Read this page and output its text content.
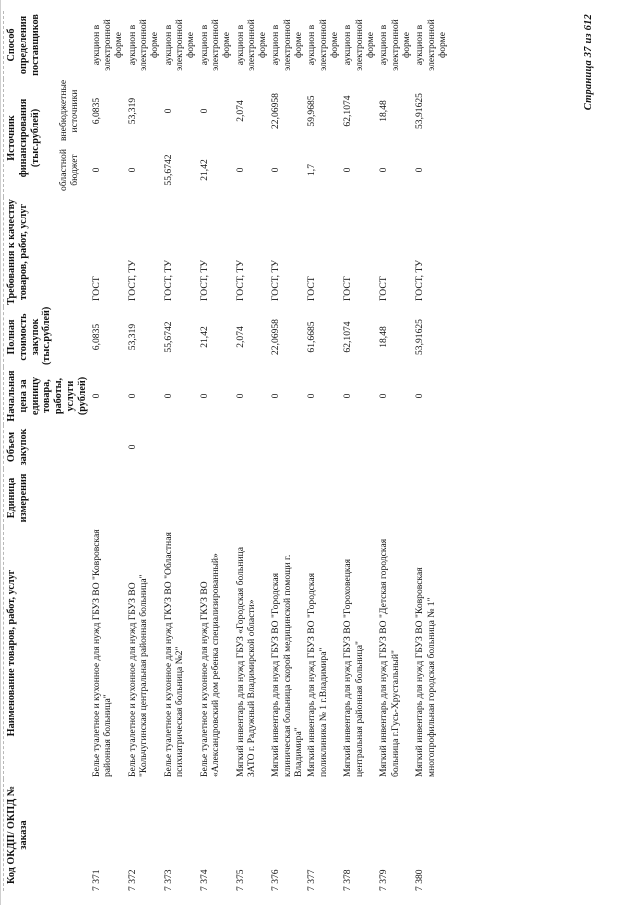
Код ОКДП/ ОКПД № заказа	Наименование товаров, работ, услуг	Единица измерения	Объем закупок	Начальная цена за единицу товара, работы, услуги (рублей)	Полная стоимость закупок (тыс.рублей)	Требования к качеству товаров, работ, услуг	Источник финансирования (тыс.рублей)		Способ определения поставщиков
							областной бюджет	внебюджетные источники	
7 371	Белье туалетное и кухонное для нужд ГБУЗ ВО "Ковровская районная больница"			0	6,0835	ГОСТ	0	6,0835	аукцион в электронной форме
7 372	Белье туалетное и кухонное для нужд ГБУЗ ВО "Кольчугинская центральная районная больница"		0	0	53,319	ГОСТ, ТУ	0	53,319	аукцион в электронной форме
7 373	Белье туалетное и кухонное для нужд ГКУЗ ВО "Областная психиатрическая больница №2"			0	55,6742	ГОСТ, ТУ	55,6742	0	аукцион в электронной форме
7 374	Белье туалетное и кухонное для нужд ГКУЗ ВО «Александровский дом ребенка специализированный»			0	21,42	ГОСТ, ТУ	21,42	0	аукцион в электронной форме
7 375	Мягкий инвентарь для нужд ГБУЗ «Городская больница ЗАТО г. Радужный Владимирской области»			0	2,074	ГОСТ, ТУ	0	2,074	аукцион в электронной форме
7 376	Мягкий инвентарь для нужд ГБУЗ ВО "Городская клиническая больница скорой медицинской помощи г. Владимира"			0	22,06958	ГОСТ, ТУ	0	22,06958	аукцион в электронной форме
7 377	Мягкий инвентарь для нужд ГБУЗ ВО "Городская поликлиника № 1 г.Владимира"			0	61,6685	ГОСТ	1,7	59,9685	аукцион в электронной форме
7 378	Мягкий инвентарь для нужд ГБУЗ ВО "Гороховецкая центральная районная больница"			0	62,1074	ГОСТ	0	62,1074	аукцион в электронной форме
7 379	Мягкий инвентарь для нужд ГБУЗ ВО "Детская городская больница г.Гусь-Хрустальный"			0	18,48	ГОСТ	0	18,48	аукцион в электронной форме
7 380	Мягкий инвентарь для нужд ГБУЗ ВО "Ковровская многопрофильная городская больница № 1"			0	53,91625	ГОСТ, ТУ	0	53,91625	аукцион в электронной форме	Страница 37 из 612
